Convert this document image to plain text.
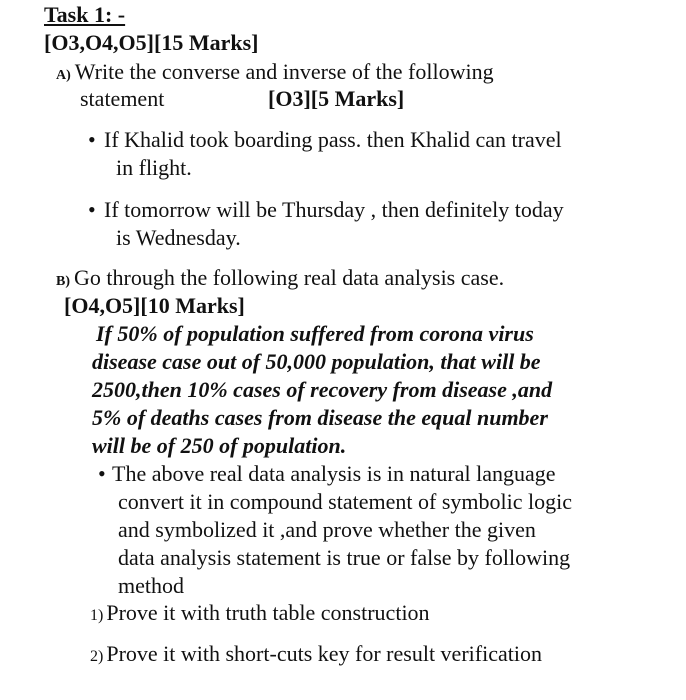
Task 1: -
[O3,O4,O5][15 Marks]
A) Write the converse and inverse of the following
statement	[O3][5 Marks]
• If Khalid took boarding pass. then Khalid can travel
in flight.
• If tomorrow will be Thursday , then definitely today
is Wednesday.
B) Go through the following real data analysis case.
[O4,O5][10 Marks]
If 50% of population suffered from corona virus
disease case out of 50,000 population, that will be
2500,then 10% cases of recovery from disease ,and
5% of deaths cases from disease the equal number
will be of 250 of population.
• The above real data analysis is in natural language
convert it in compound statement of symbolic logic
and symbolized it ,and prove whether the given
data analysis statement is true or false by following
method
1) Prove it with truth table construction
2) Prove it with short-cuts key for result verification
